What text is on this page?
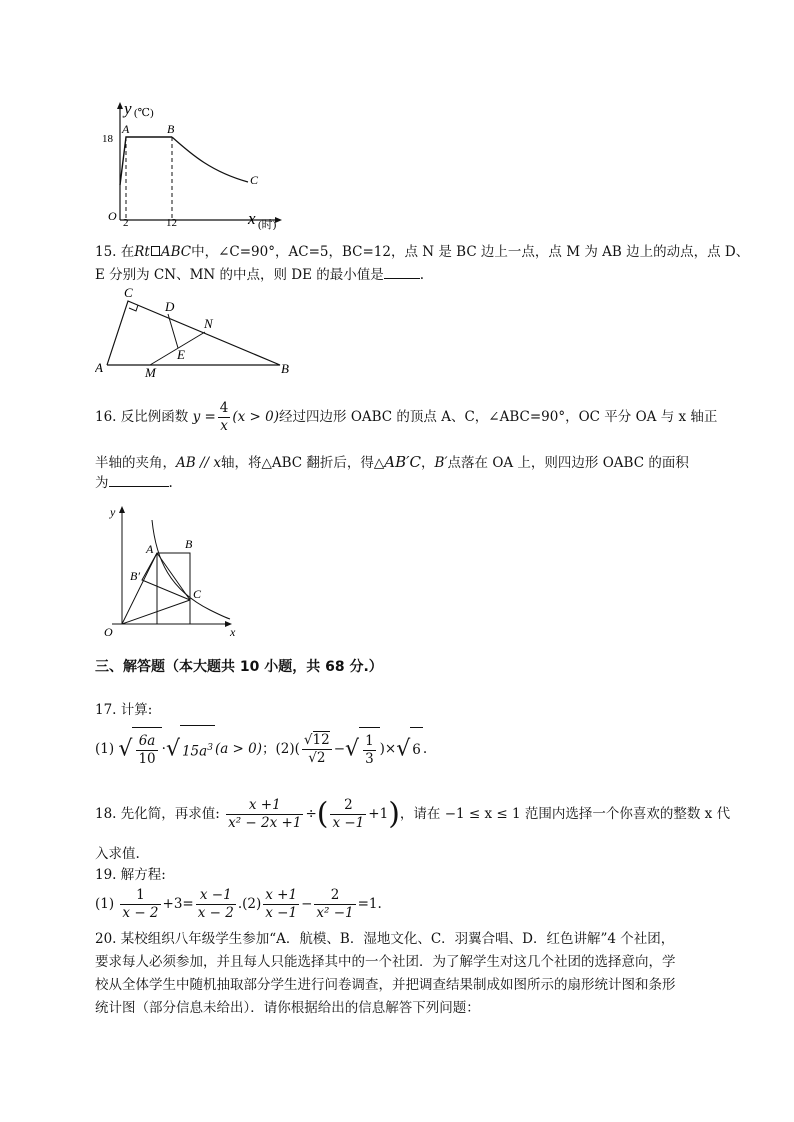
y (℃)
18
A	B
C
O 2	12	x (时)
15. 在Rt ABC中，∠C=90°，AC=5，BC=12，点 N 是 BC 边上一点，点 M 为 AB 边上的动点，点 D、
E 分别为 CN、MN 的中点，则 DE 的最小值是	.
C
D
N
E
A	M	B
16. 反比例函数 $y = \frac{4}{x} (x > 0)$经过四边形 OABC 的顶点 A、C，∠ABC=90°，OC 平分 OA 与 x 轴正
半轴的夹角，AB // x轴，将△ABC 翻折后，得△AB′C，B′点落在 OA 上，则四边形 OABC 的面积
为	.
y
A	B
B′
C
O	x
三、解答题（本大题共 10 小题，共 68 分.）
17. 计算:
(1) √ $\frac{6a}{10}$ ·√ $15a^3$ (a > 0)；$(2)( \frac{√12}{√2}$ −√ $\frac{1}{3}$ )×√ 6 .
18. 先化简，再求值: $\frac{x +1}{\text{x² − 2x +1}}$ ÷( $\frac{2}{x -1} +1$)，请在 −1 ≤ x ≤ 1 范围内选择一个你喜欢的整数 x 代
入求值.
19. 解方程:
$(1) \frac{1}{x - 2} +3= \frac{x -1}{x - 2} .(2) \frac{x +1}{x -1} - \frac{2}{\text{x² −1}} =1$.
20. 某校组织八年级学生参加“A．航模、B．湿地文化、C．羽翼合唱、D．红色讲解”4 个社团，
要求每人必须参加，并且每人只能选择其中的一个社团．为了解学生对这几个社团的选择意向，学
校从全体学生中随机抽取部分学生进行问卷调查，并把调查结果制成如图所示的扇形统计图和条形
统计图（部分信息未给出）．请你根据给出的信息解答下列问题：
